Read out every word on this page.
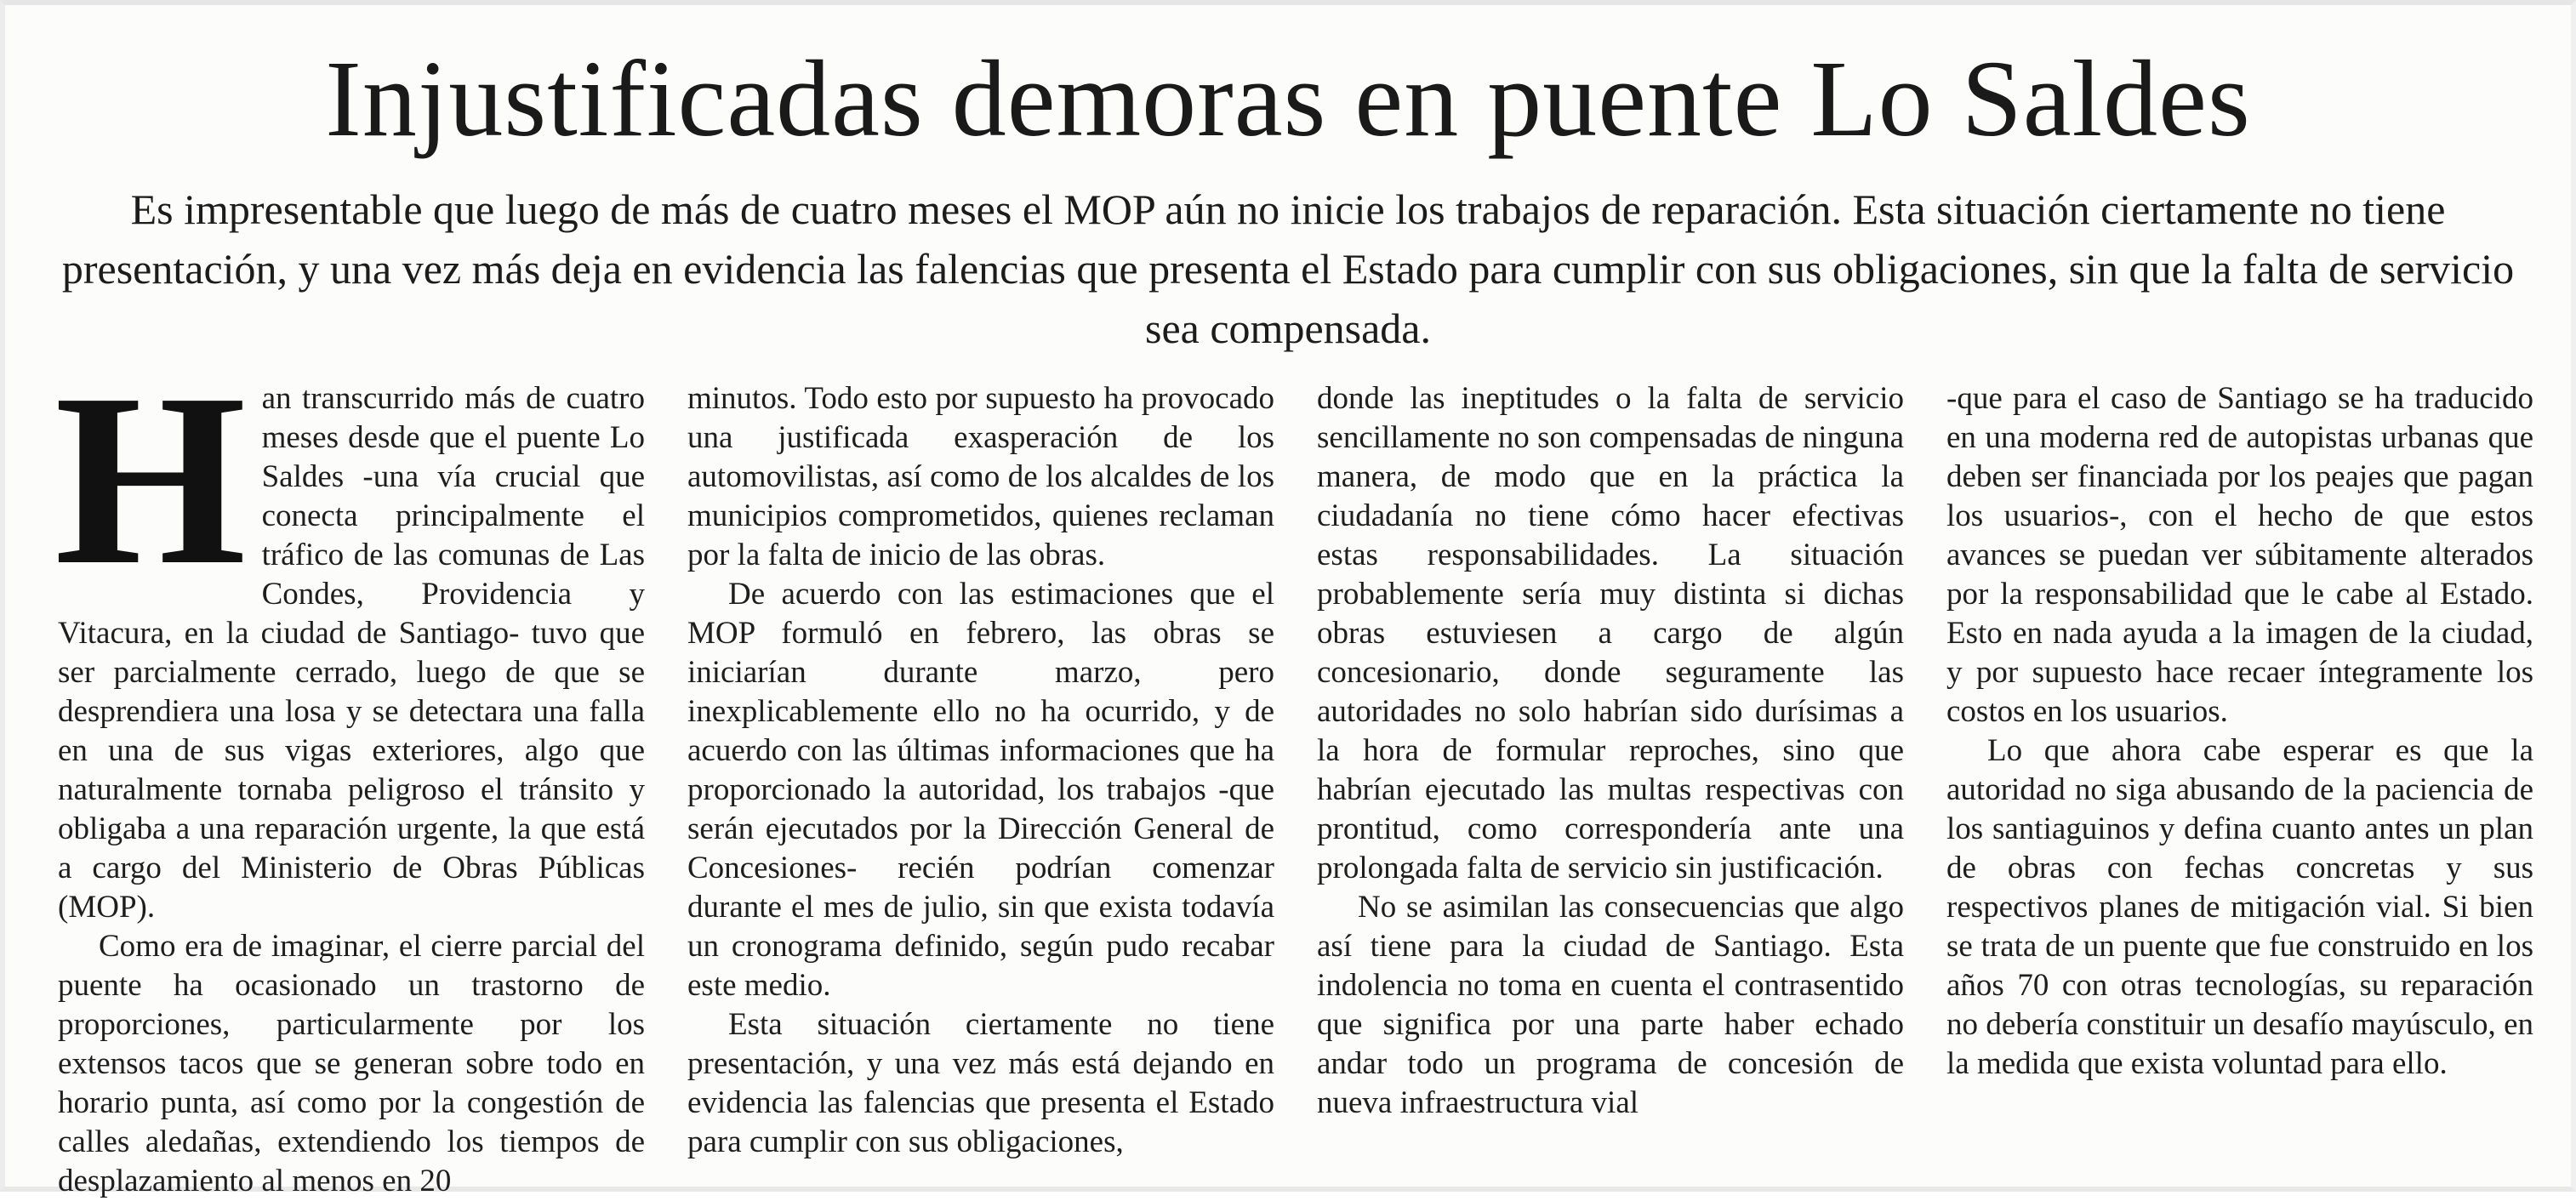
Injustificadas demoras en puente Lo Saldes

Es impresentable que luego de más de cuatro meses el MOP aún no inicie los trabajos de reparación. Esta situación ciertamente no tiene presentación, y una vez más deja en evidencia las falencias que presenta el Estado para cumplir con sus obligaciones, sin que la falta de servicio sea compensada.

H an transcurrido más de cuatro meses desde que el puente Lo Saldes -una vía crucial que conecta principalmente el tráfico de las comunas de Las Condes, Providencia y Vitacura, en la ciudad de Santiago- tuvo que ser parcialmente cerrado, luego de que se desprendiera una losa y se detectara una falla en una de sus vigas exteriores, algo que naturalmente tornaba peligroso el tránsito y obligaba a una reparación urgente, la que está a cargo del Ministerio de Obras Públicas (MOP).

Como era de imaginar, el cierre parcial del puente ha ocasionado un trastorno de proporciones, particularmente por los extensos tacos que se generan sobre todo en horario punta, así como por la congestión de calles aledañas, extendiendo los tiempos de desplazamiento al menos en 20

minutos. Todo esto por supuesto ha provocado una justificada exasperación de los automovilistas, así como de los alcaldes de los municipios comprometidos, quienes reclaman por la falta de inicio de las obras.

De acuerdo con las estimaciones que el MOP formuló en febrero, las obras se iniciarían durante marzo, pero inexplicablemente ello no ha ocurrido, y de acuerdo con las últimas informaciones que ha proporcionado la autoridad, los trabajos -que serán ejecutados por la Dirección General de Concesiones- recién podrían comenzar durante el mes de julio, sin que exista todavía un cronograma definido, según pudo recabar este medio.

Esta situación ciertamente no tiene presentación, y una vez más está dejando en evidencia las falencias que presenta el Estado para cumplir con sus obligaciones,

donde las ineptitudes o la falta de servicio sencillamente no son compensadas de ninguna manera, de modo que en la práctica la ciudadanía no tiene cómo hacer efectivas estas responsabilidades. La situación probablemente sería muy distinta si dichas obras estuviesen a cargo de algún concesionario, donde seguramente las autoridades no solo habrían sido durísimas a la hora de formular reproches, sino que habrían ejecutado las multas respectivas con prontitud, como correspondería ante una prolongada falta de servicio sin justificación.

No se asimilan las consecuencias que algo así tiene para la ciudad de Santiago. Esta indolencia no toma en cuenta el contrasentido que significa por una parte haber echado andar todo un programa de concesión de nueva infraestructura vial

-que para el caso de Santiago se ha traducido en una moderna red de autopistas urbanas que deben ser financiada por los peajes que pagan los usuarios-, con el hecho de que estos avances se puedan ver súbitamente alterados por la responsabilidad que le cabe al Estado. Esto en nada ayuda a la imagen de la ciudad, y por supuesto hace recaer íntegramente los costos en los usuarios.

Lo que ahora cabe esperar es que la autoridad no siga abusando de la paciencia de los santiaguinos y defina cuanto antes un plan de obras con fechas concretas y sus respectivos planes de mitigación vial. Si bien se trata de un puente que fue construido en los años 70 con otras tecnologías, su reparación no debería constituir un desafío mayúsculo, en la medida que exista voluntad para ello.
